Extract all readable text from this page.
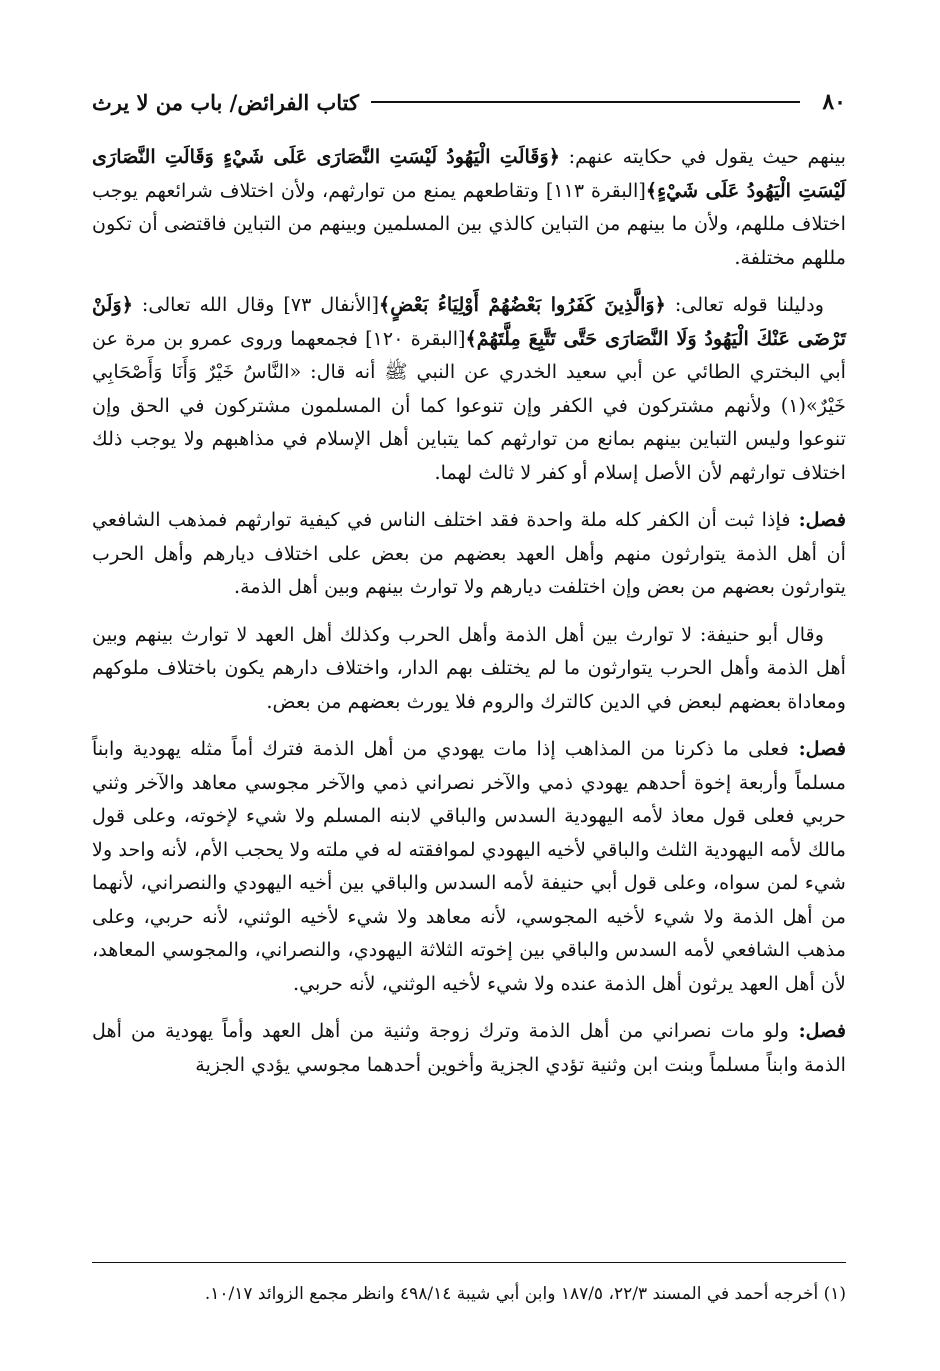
٨٠
كتاب الفرائض/ باب من لا يرث

بينهم حيث يقول في حكايته عنهم: ﴿وَقَالَتِ الْيَهُودُ لَيْسَتِ النَّصَارَى عَلَى شَيْءٍ وَقَالَتِ النَّصَارَى لَيْسَتِ الْيَهُودُ عَلَى شَيْءٍ﴾[البقرة ١١٣] وتقاطعهم يمنع من توارثهم، ولأن اختلاف شرائعهم يوجب اختلاف مللهم، ولأن ما بينهم من التباين كالذي بين المسلمين وبينهم من التباين فاقتضى أن تكون مللهم مختلفة.

ودليلنا قوله تعالى: ﴿وَالَّذِينَ كَفَرُوا بَعْضُهُمْ أَوْلِيَاءُ بَعْضٍ﴾[الأنفال ٧٣] وقال الله تعالى: ﴿وَلَنْ تَرْضَى عَنْكَ الْيَهُودُ وَلَا النَّصَارَى حَتَّى تَتَّبِعَ مِلَّتَهُمْ﴾[البقرة ١٢٠] فجمعهما وروى عمرو بن مرة عن أبي البختري الطائي عن أبي سعيد الخدري عن النبي ﷺ أنه قال: «النَّاسُ خَيْرٌ وَأَنَا وَأَصْحَابِي خَيْرٌ»(١) ولأنهم مشتركون في الكفر وإن تنوعوا كما أن المسلمون مشتركون في الحق وإن تنوعوا وليس التباين بينهم بمانع من توارثهم كما يتباين أهل الإسلام في مذاهبهم ولا يوجب ذلك اختلاف توارثهم لأن الأصل إسلام أو كفر لا ثالث لهما.

فصل: فإذا ثبت أن الكفر كله ملة واحدة فقد اختلف الناس في كيفية توارثهم فمذهب الشافعي أن أهل الذمة يتوارثون منهم وأهل العهد بعضهم من بعض على اختلاف ديارهم وأهل الحرب يتوارثون بعضهم من بعض وإن اختلفت ديارهم ولا توارث بينهم وبين أهل الذمة.

وقال أبو حنيفة: لا توارث بين أهل الذمة وأهل الحرب وكذلك أهل العهد لا توارث بينهم وبين أهل الذمة وأهل الحرب يتوارثون ما لم يختلف بهم الدار، واختلاف دارهم يكون باختلاف ملوكهم ومعاداة بعضهم لبعض في الدين كالترك والروم فلا يورث بعضهم من بعض.

فصل: فعلى ما ذكرنا من المذاهب إذا مات يهودي من أهل الذمة فترك أماً مثله يهودية وابناً مسلماً وأربعة إخوة أحدهم يهودي ذمي والآخر نصراني ذمي والآخر مجوسي معاهد والآخر وثني حربي فعلى قول معاذ لأمه اليهودية السدس والباقي لابنه المسلم ولا شيء لإخوته، وعلى قول مالك لأمه اليهودية الثلث والباقي لأخيه اليهودي لموافقته له في ملته ولا يحجب الأم، لأنه واحد ولا شيء لمن سواه، وعلى قول أبي حنيفة لأمه السدس والباقي بين أخيه اليهودي والنصراني، لأنهما من أهل الذمة ولا شيء لأخيه المجوسي، لأنه معاهد ولا شيء لأخيه الوثني، لأنه حربي، وعلى مذهب الشافعي لأمه السدس والباقي بين إخوته الثلاثة اليهودي، والنصراني، والمجوسي المعاهد، لأن أهل العهد يرثون أهل الذمة عنده ولا شيء لأخيه الوثني، لأنه حربي.

فصل: ولو مات نصراني من أهل الذمة وترك زوجة وثنية من أهل العهد وأماً يهودية من أهل الذمة وابناً مسلماً وبنت ابن وثنية تؤدي الجزية وأخوين أحدهما مجوسي يؤدي الجزية

(١) أخرجه أحمد في المسند ٢٢/٣، ١٨٧/٥ وابن أبي شيبة ٤٩٨/١٤ وانظر مجمع الزوائد ١٠/١٧.
